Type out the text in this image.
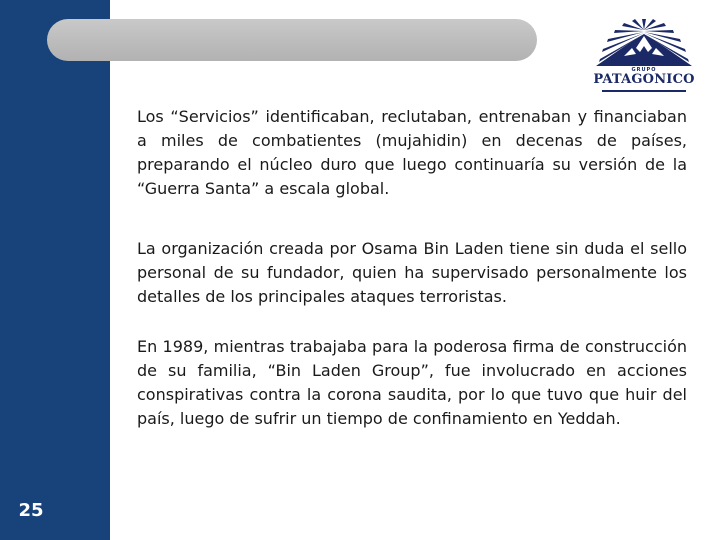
25
GRUPO
PATAGONICO

Los “Servicios” identificaban, reclutaban, entrenaban y financiaban a miles de combatientes (mujahidin) en decenas de países, preparando el núcleo duro que luego continuaría su versión de la “Guerra Santa” a escala global.

La organización creada por Osama Bin Laden tiene sin duda el sello personal de su fundador, quien ha supervisado personalmente los detalles de los principales ataques terroristas.

En 1989, mientras trabajaba para la poderosa firma de construcción de su familia, “Bin Laden Group”, fue involucrado en acciones conspirativas contra la corona saudita, por lo que tuvo que huir del país, luego de sufrir un tiempo de confinamiento en Yeddah.
